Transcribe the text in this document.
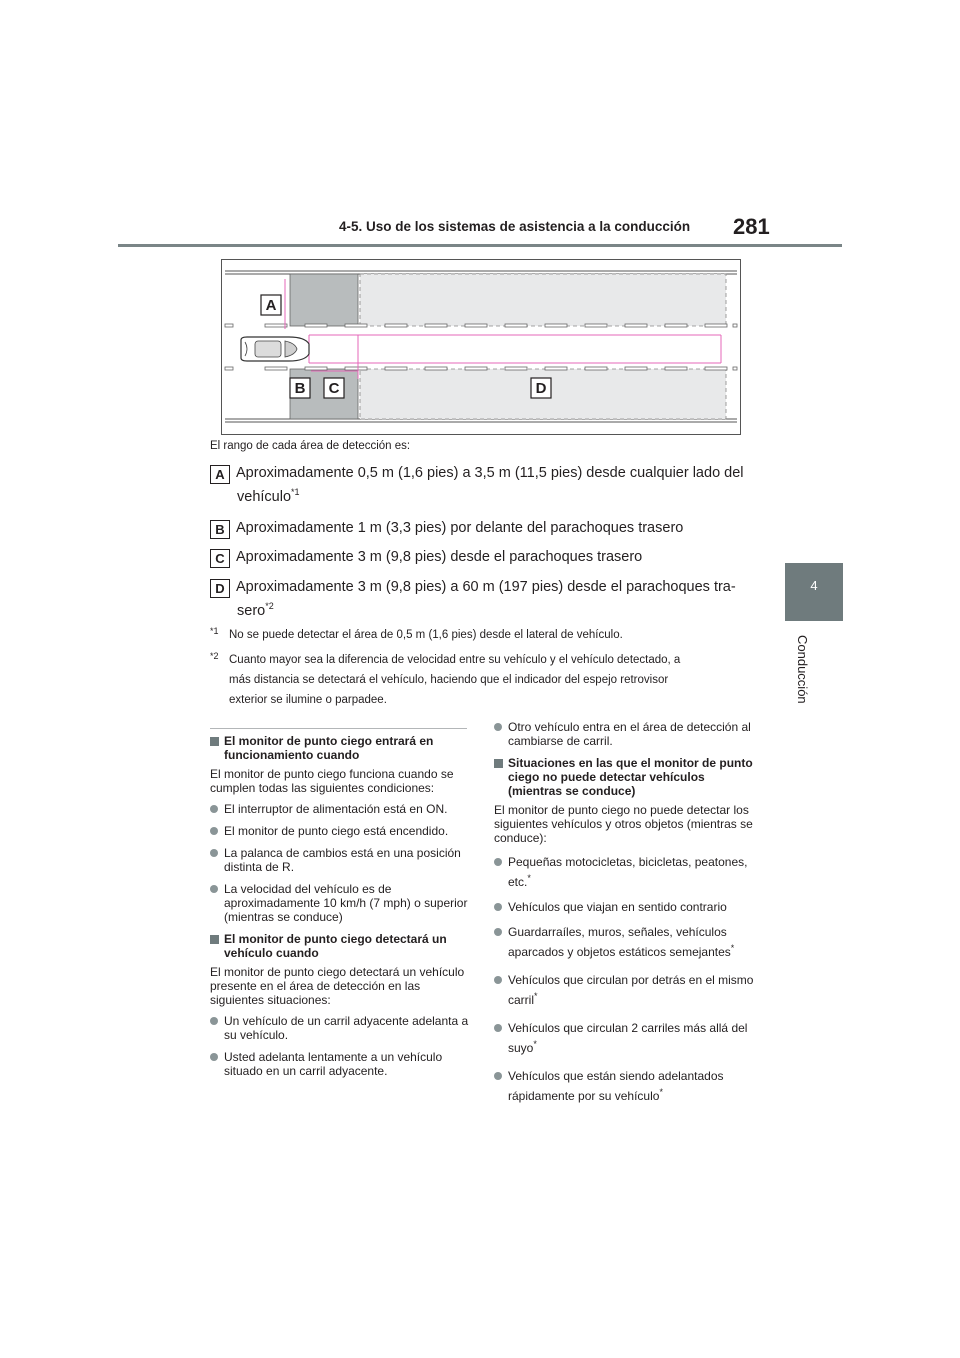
4-5. Uso de los sistemas de asistencia a la conducción 281
4
Conducción
A
B C	D
El rango de cada área de detección es:
A Aproximadamente 0,5 m (1,6 pies) a 3,5 m (11,5 pies) desde cualquier lado del
vehículo$^{*1}$
B Aproximadamente 1 m (3,3 pies) por delante del parachoques trasero
C Aproximadamente 3 m (9,8 pies) desde el parachoques trasero
D Aproximadamente 3 m (9,8 pies) a 60 m (197 pies) desde el parachoques tra-
sero$^{*2}$
*1 No se puede detectar el área de 0,5 m (1,6 pies) desde el lateral de vehículo.
*2 Cuanto mayor sea la diferencia de velocidad entre su vehículo y el vehículo detectado, a
más distancia se detectará el vehículo, haciendo que el indicador del espejo retrovisor
exterior se ilumine o parpadee.
El monitor de punto ciego entrará en funcionamiento cuando
El monitor de punto ciego funciona cuando se cumplen todas las siguientes condiciones:
El interruptor de alimentación está en ON.
El monitor de punto ciego está encendido.
La palanca de cambios está en una posición distinta de R.
La velocidad del vehículo es de aproximadamente 10 km/h (7 mph) o superior (mientras se conduce)
El monitor de punto ciego detectará un vehículo cuando
El monitor de punto ciego detectará un vehículo presente en el área de detección en las siguientes situaciones:
Un vehículo de un carril adyacente adelanta a su vehículo.
Usted adelanta lentamente a un vehículo situado en un carril adyacente.
Otro vehículo entra en el área de detección al cambiarse de carril.
Situaciones en las que el monitor de punto ciego no puede detectar vehículos (mientras se conduce)
El monitor de punto ciego no puede detectar los siguientes vehículos y otros objetos (mientras se conduce):
Pequeñas motocicletas, bicicletas, peatones, etc.*
Vehículos que viajan en sentido contrario
Guardarraíles, muros, señales, vehículos aparcados y objetos estáticos semejantes*
Vehículos que circulan por detrás en el mismo carril*
Vehículos que circulan 2 carriles más allá del suyo*
Vehículos que están siendo adelantados rápidamente por su vehículo*
